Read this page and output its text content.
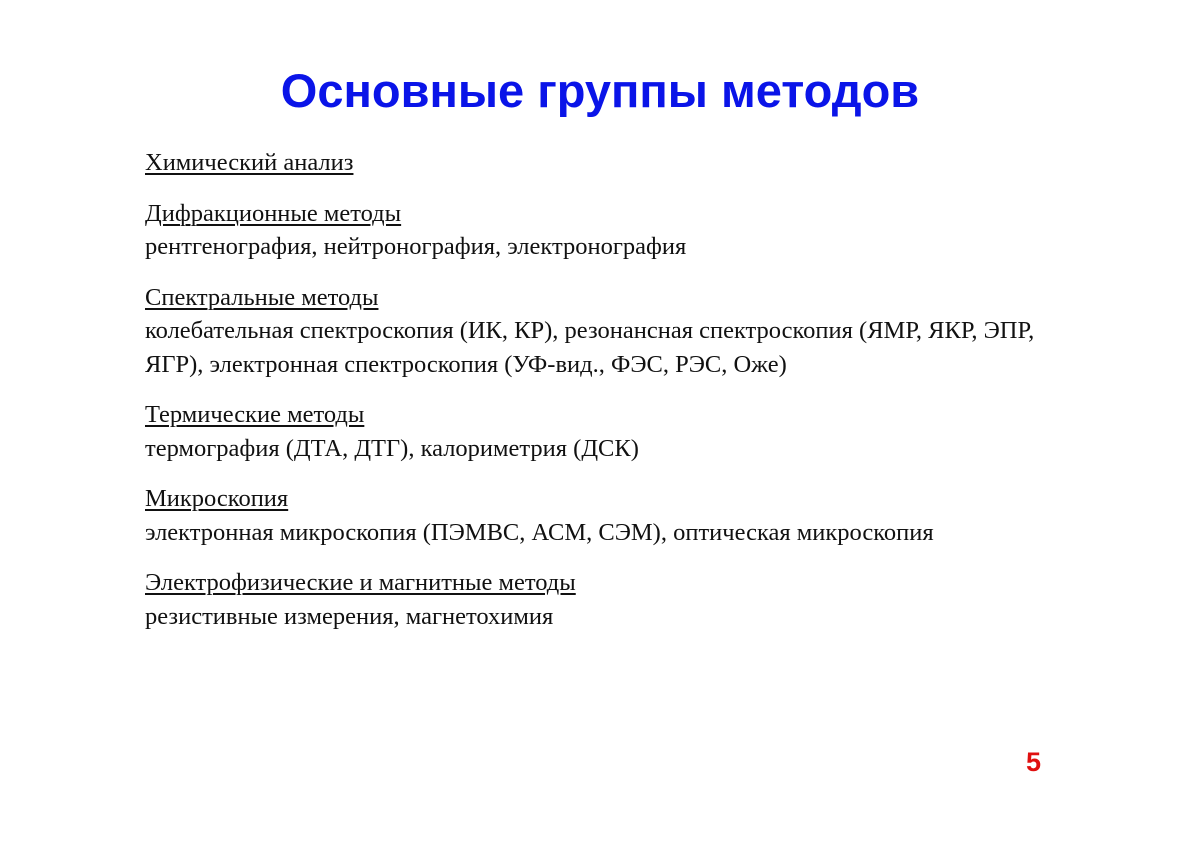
Основные группы методов
Химический анализ
Дифракционные методы
рентгенография, нейтронография, электронография
Спектральные методы
колебательная спектроскопия (ИК, КР), резонансная спектроскопия (ЯМР, ЯКР, ЭПР, ЯГР), электронная спектроскопия (УФ-вид., ФЭС, РЭС, Оже)
Термические методы
термография (ДТА, ДТГ), калориметрия (ДСК)
Микроскопия
электронная микроскопия (ПЭМВС, АСМ, СЭМ), оптическая микроскопия
Электрофизические и магнитные методы
резистивные измерения, магнетохимия
5
